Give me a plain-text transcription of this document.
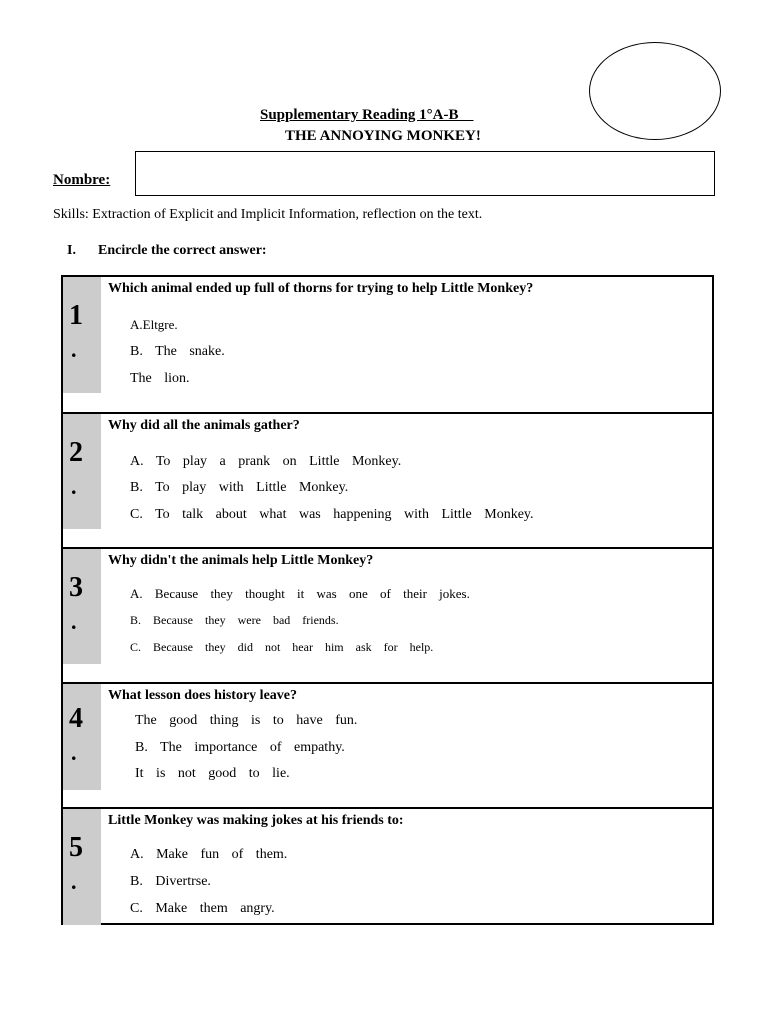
Supplementary Reading 1°A-B
THE ANNOYING MONKEY!
Nombre:
Skills: Extraction of Explicit and Implicit Information, reflection on the text.
I. Encircle the correct answer:
1
.
Which animal ended up full of thorns for trying to help Little Monkey?
A.Eltgre.
B. The snake.
The lion.
2
.
Why did all the animals gather?
A. To play a prank on Little Monkey.
B. To play with Little Monkey.
C. To talk about what was happening with Little Monkey.
3
.
Why didn't the animals help Little Monkey?
A. Because they thought it was one of their jokes.
B. Because they were bad friends.
C. Because they did not hear him ask for help.
4
.
What lesson does history leave?
The good thing is to have fun.
B. The importance of empathy.
It is not good to lie.
5
.
Little Monkey was making jokes at his friends to:
A. Make fun of them.
B. Divertrse.
C. Make them angry.
